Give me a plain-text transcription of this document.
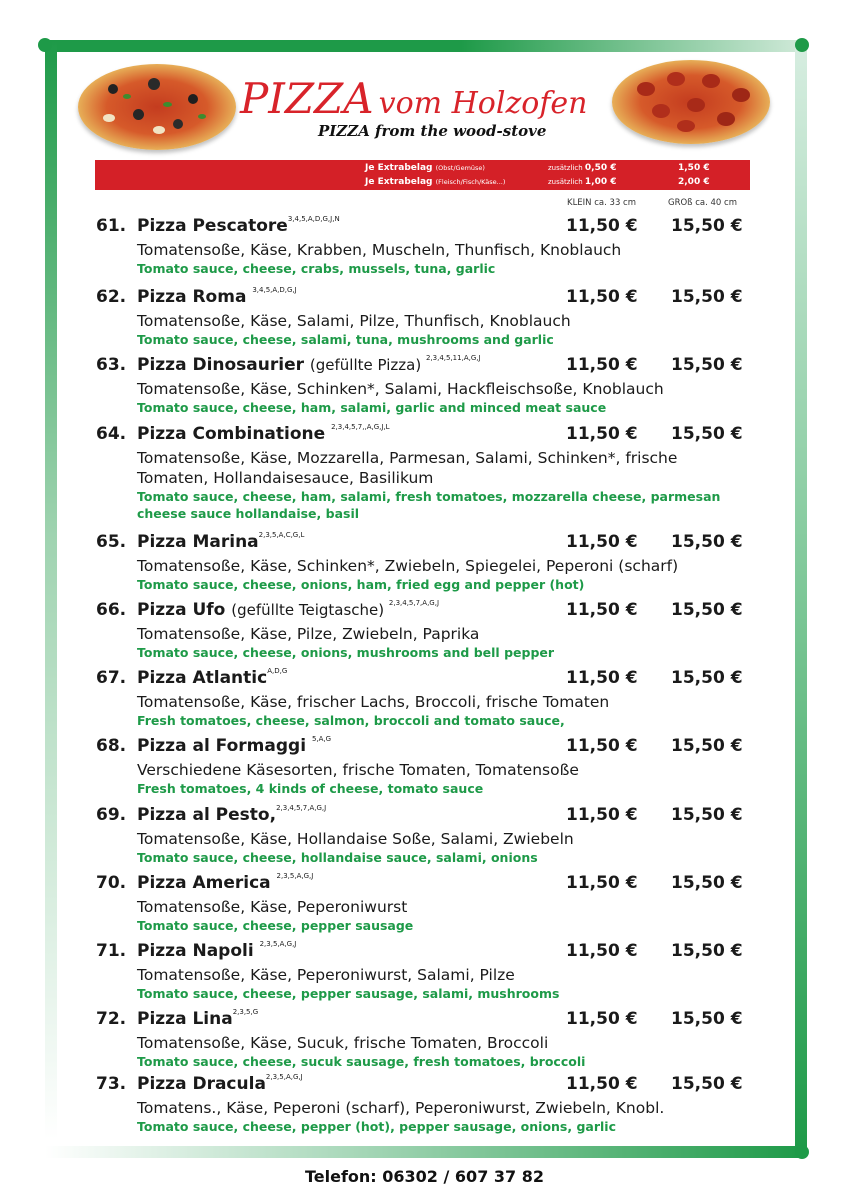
PIZZA vom Holzofen
PIZZA from the wood-stove
Je Extrabelag (Obst/Gemüse)	zusätzlich 0,50 €	1,50 €
Je Extrabelag (Fleisch/Fisch/Käse...)	zusätzlich 1,00 €	2,00 €
KLEIN ca. 33 cm	GROß ca. 40 cm
61. Pizza Pescatore$^{3,4,5,A,D,G,J,N}$	11,50 € 15,50 €
Tomatensoße, Käse, Krabben, Muscheln, Thunfisch, Knoblauch
Tomato sauce, cheese, crabs, mussels, tuna, garlic
62. Pizza Roma $^{3,4,5,A,D,G,J}$	11,50 € 15,50 €
Tomatensoße, Käse, Salami, Pilze, Thunfisch, Knoblauch
Tomato sauce, cheese, salami, tuna, mushrooms and garlic
63. Pizza Dinosaurier (gefüllte Pizza) $^{2,3,4,5,11,A,G,J}$	11,50 € 15,50 €
Tomatensoße, Käse, Schinken*, Salami, Hackfleischsoße, Knoblauch
Tomato sauce, cheese, ham, salami, garlic and minced meat sauce
64. Pizza Combinatione $^{2,3,4,5,7,,A,G,J,L}$	11,50 € 15,50 €
Tomatensoße, Käse, Mozzarella, Parmesan, Salami, Schinken*, frische Tomaten, Hollandaisesauce, Basilikum
Tomato sauce, cheese, ham, salami, fresh tomatoes, mozzarella cheese, parmesan cheese sauce hollandaise, basil
65. Pizza Marina$^{2,3,5,A,C,G,L}$	11,50 € 15,50 €
Tomatensoße, Käse, Schinken*, Zwiebeln, Spiegelei, Peperoni (scharf)
Tomato sauce, cheese, onions, ham, fried egg and pepper (hot)
66. Pizza Ufo (gefüllte Teigtasche) $^{2,3,4,5,7,A,G,J}$	11,50 € 15,50 €
Tomatensoße, Käse, Pilze, Zwiebeln, Paprika
Tomato sauce, cheese, onions, mushrooms and bell pepper
67. Pizza Atlantic$^{A,D,G}$	11,50 € 15,50 €
Tomatensoße, Käse, frischer Lachs, Broccoli, frische Tomaten
Fresh tomatoes, cheese, salmon, broccoli and tomato sauce,
68. Pizza al Formaggi $^{5,A,G}$	11,50 € 15,50 €
Verschiedene Käsesorten, frische Tomaten, Tomatensoße
Fresh tomatoes, 4 kinds of cheese, tomato sauce
69. Pizza al Pesto,$^{2,3,4,5,7,A,G,J}$	11,50 € 15,50 €
Tomatensoße, Käse, Hollandaise Soße, Salami, Zwiebeln
Tomato sauce, cheese, hollandaise sauce, salami, onions
70. Pizza America $^{2,3,5,A,G,J}$	11,50 € 15,50 €
Tomatensoße, Käse, Peperoniwurst
Tomato sauce, cheese, pepper sausage
71. Pizza Napoli $^{2,3,5,A,G,J}$	11,50 € 15,50 €
Tomatensoße, Käse, Peperoniwurst, Salami, Pilze
Tomato sauce, cheese, pepper sausage, salami, mushrooms
72. Pizza Lina$^{2,3,5,G}$	11,50 € 15,50 €
Tomatensoße, Käse, Sucuk, frische Tomaten, Broccoli
Tomato sauce, cheese, sucuk sausage, fresh tomatoes, broccoli
73. Pizza Dracula$^{2,3,5,A,G,J}$	11,50 € 15,50 €
Tomatens., Käse, Peperoni (scharf), Peperoniwurst, Zwiebeln, Knobl.
Tomato sauce, cheese, pepper (hot), pepper sausage, onions, garlic
Telefon: 06302 / 607 37 82
